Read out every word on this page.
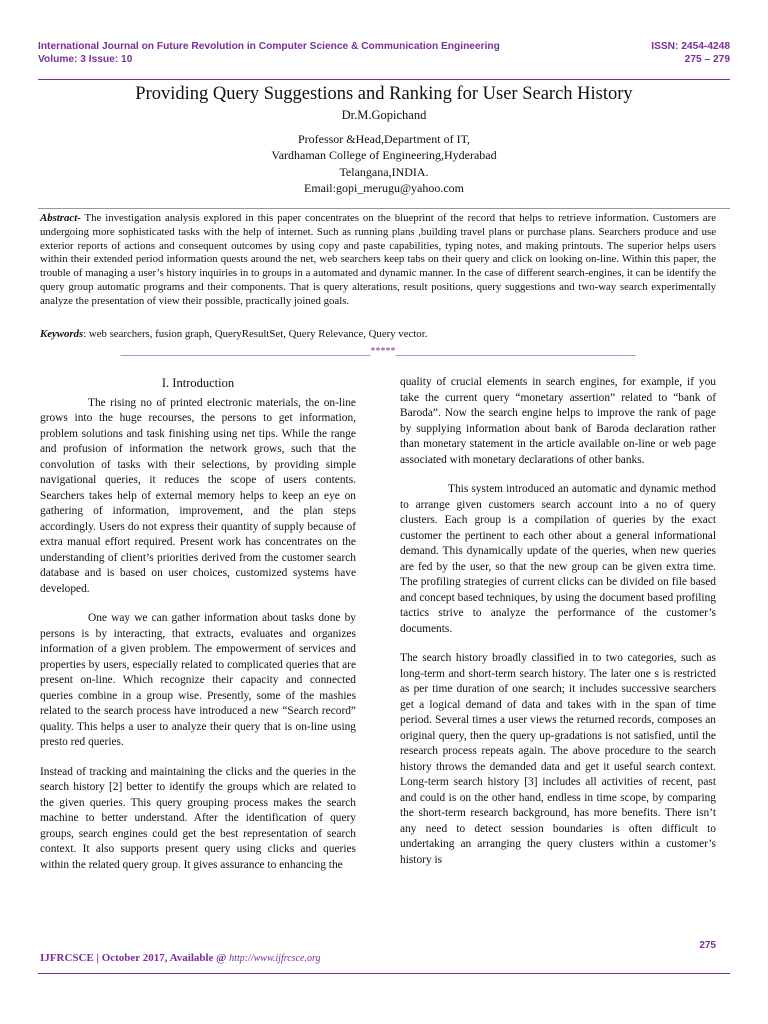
International Journal on Future Revolution in Computer Science & Communication Engineering
Volume: 3 Issue: 10
ISSN: 2454-4248
275 – 279
Providing Query Suggestions and Ranking for User Search History
Dr.M.Gopichand
Professor &Head,Department of IT,
Vardhaman College of Engineering,Hyderabad
Telangana,INDIA.
Email:gopi_merugu@yahoo.com
Abstract- The investigation analysis explored in this paper concentrates on the blueprint of the record that helps to retrieve information. Customers are undergoing more sophisticated tasks with the help of internet. Such as running plans ,building travel plans or purchase plans. Searchers produce and use exterior reports of actions and consequent outcomes by using copy and paste capabilities, typing notes, and making printouts. The superior helps users within their extended period information quests around the net, web searchers keep tabs on their query and click on looking on-line. Within this paper, the trouble of managing a user’s history inquiries in to groups in a automated and dynamic manner. In the case of different search-engines, it can be identify the query group automatic programs and their components. That is query alterations, result positions, query suggestions and two-way search experimentally analyze the presentation of view their possible, practically joined goals.
Keywords: web searchers, fusion graph, QueryResultSet, Query Relevance, Query vector.
__________________________________________________*****________________________________________________
I. Introduction

The rising no of printed electronic materials, the on-line grows into the huge recourses, the persons to get information, problem solutions and task finishing using net tips. While the range and profusion of information the network grows, such that the convolution of tasks with their selections, by providing simple navigational queries, it reduces the scope of users contents. Searchers takes help of external memory helps to keep an eye on gathering of information, improvement, and the plan steps accordingly. Users do not express their quantity of supply because of extra manual effort required. Present work has concentrates on the understanding of client’s priorities derived from the customer search database and is based on user choices, customized systems have developed.

One way we can gather information about tasks done by persons is by interacting, that extracts, evaluates and organizes information of a given problem. The empowerment of services and properties by users, especially related to complicated queries that are present on-line. Which recognize their capacity and connected queries combine in a group wise. Presently, some of the mashies related to the search process have introduced a new “Search record” quality. This helps a user to analyze their query that is on-line using presto red queries.

Instead of tracking and maintaining the clicks and the queries in the search history [2] better to identify the groups which are related to the given queries. This query grouping process makes the search machine to better understand. After the identification of query groups, search engines could get the best representation of search context. It also supports present query using clicks and queries within the related query group. It gives assurance to enhancing the

quality of crucial elements in search engines, for example, if you take the current query “monetary assertion” related to “bank of Baroda”. Now the search engine helps to improve the rank of page by supplying information about bank of Baroda declaration rather than monetary statement in the article available on-line or web page associated with monetary declarations of other banks.

This system introduced an automatic and dynamic method to arrange given customers search account into a no of query clusters. Each group is a compilation of queries by the exact customer the pertinent to each other about a general informational demand. This dynamically update of the queries, when new queries are fed by the user, so that the new group can be given extra time. The profiling strategies of current clicks can be divided on file based and concept based techniques, by using the document based profiling tactics strive to analyze the performance of the customer’s documents.

The search history broadly classified in to two categories, such as long-term and short-term search history. The later one s is restricted as per time duration of one search; it includes successive searchers get a logical demand of data and takes with in the span of time period. Several times a user views the returned records, composes an original query, then the query up-gradations is not satisfied, until the research process repeats again. The above procedure to the search history throws the demanded data and get it useful search context. Long-term search history [3] includes all activities of recent, past and could is on the other hand, endless in time scope, by comparing the short-term research background, has more benefits. There isn’t any need to detect session boundaries is often difficult to undertaking an arranging the query clusters within a customer’s history is

275
IJFRCSCE | October 2017, Available @ http://www.ijfrcsce.org
